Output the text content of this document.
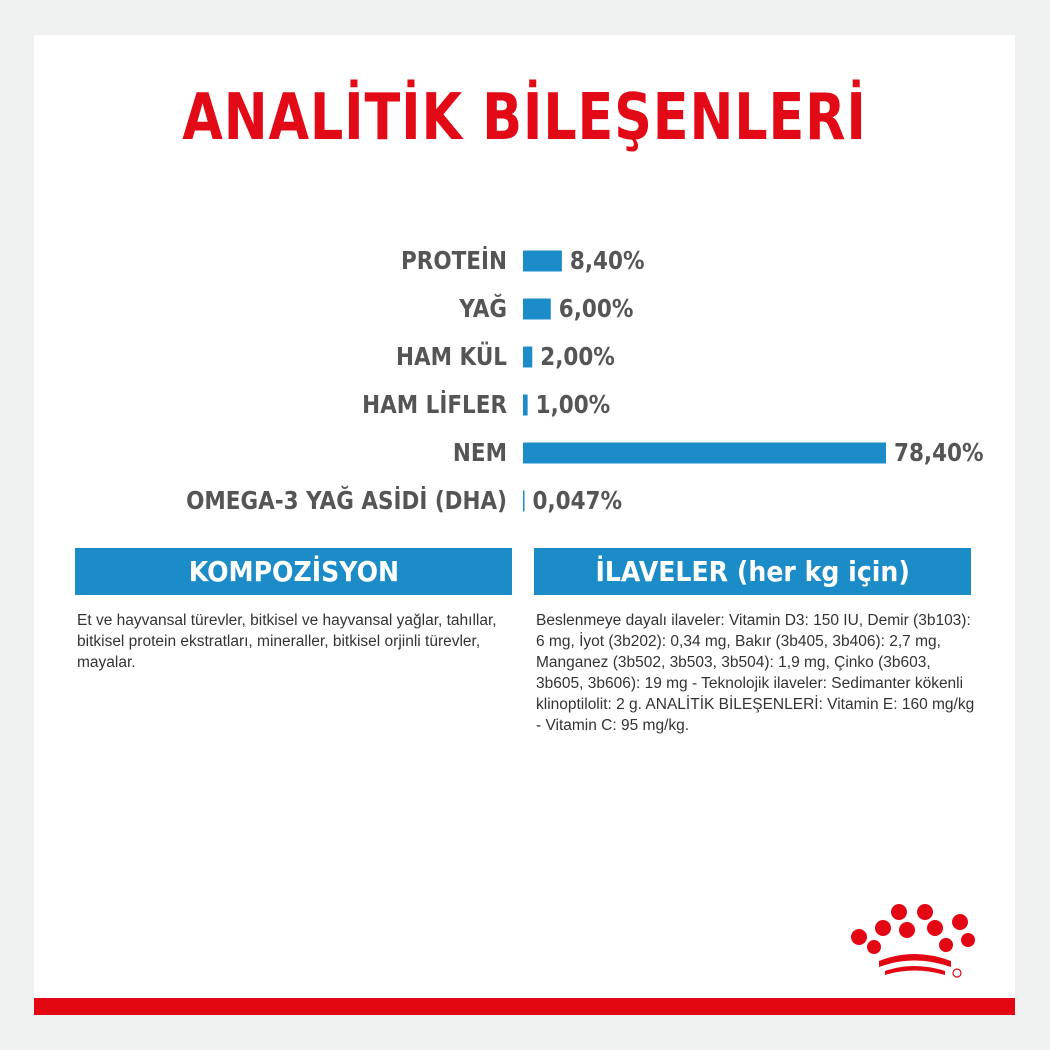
ANALİTİK BİLEŞENLERİ
PROTEİN 8,40%
YAĞ 6,00%
HAM KÜL 2,00%
HAM LİFLER 1,00%
NEM	78,40%
OMEGA-3 YAĞ ASİDİ (DHA)
0,047%
KOMPOZİSYON

Et ve hayvansal türevler, bitkisel ve hayvansal yağlar, tahıllar, bitkisel protein ekstratları, mineraller, bitkisel orjinli türevler, mayalar.

İLAVELER (her kg için)

Beslenmeye dayalı ilaveler: Vitamin D3: 150 IU, Demir (3b103): 6 mg, İyot (3b202): 0,34 mg, Bakır (3b405, 3b406): 2,7 mg, Manganez (3b502, 3b503, 3b504): 1,9 mg, Çinko (3b603, 3b605, 3b606): 19 mg - Teknolojik ilaveler: Sedimanter kökenli klinoptilolit: 2 g. ANALİTİK BİLEŞENLERİ: Vitamin E: 160 mg/kg - Vitamin C: 95 mg/kg.
